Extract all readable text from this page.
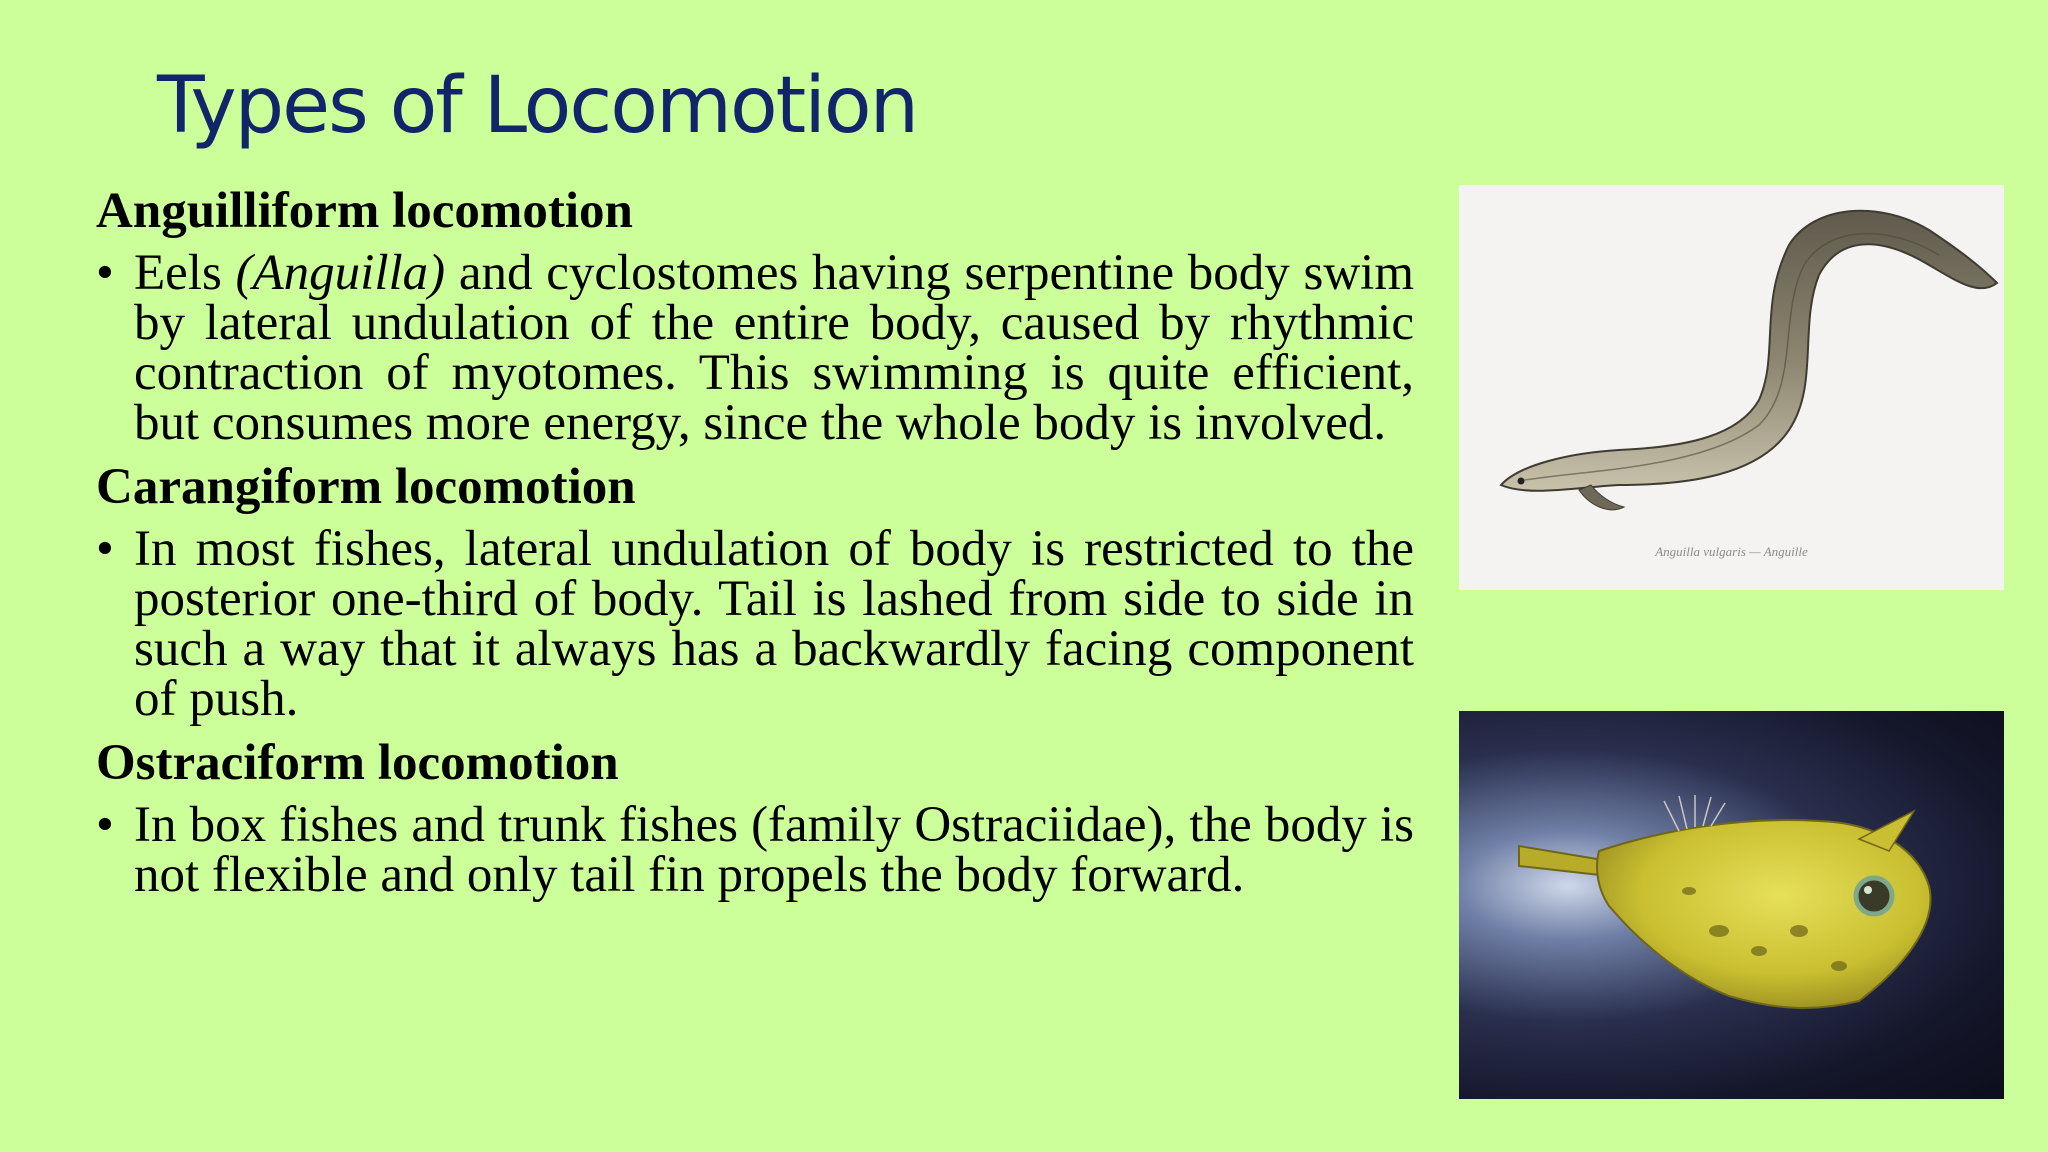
Types of Locomotion
Anguilliform locomotion

• Eels (Anguilla) and cyclostomes having serpentine body swim by lateral undulation of the entire body, caused by rhythmic contraction of myotomes. This swimming is quite efficient, but consumes more energy, since the whole body is involved.

Carangiform locomotion

• In most fishes, lateral undulation of body is restricted to the posterior one-third of body. Tail is lashed from side to side in such a way that it always has a backwardly facing component of push.

Ostraciform locomotion

• In box fishes and trunk fishes (family Ostraciidae), the body is not flexible and only tail fin propels the body forward.

Anguilla vulgaris — Anguille
